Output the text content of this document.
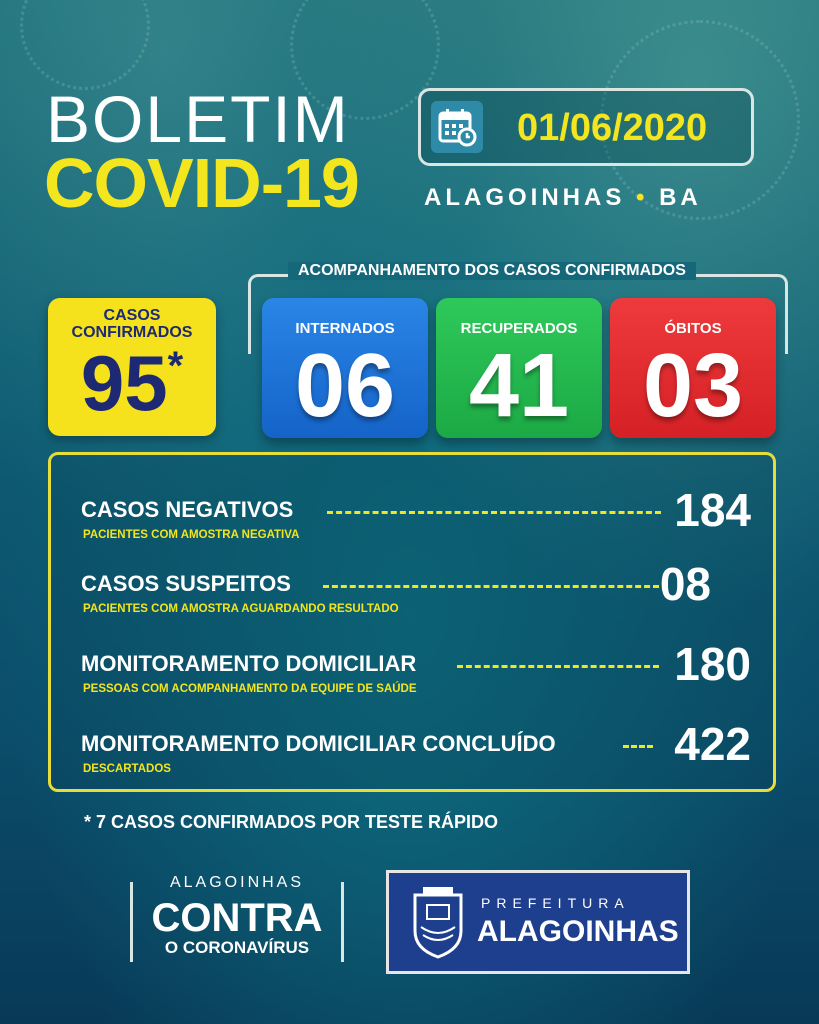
BOLETIM
COVID-19
01/06/2020
ALAGOINHAS • BA
ACOMPANHAMENTO DOS CASOS CONFIRMADOS
CASOS CONFIRMADOS
95*
INTERNADOS
06
RECUPERADOS
41
ÓBITOS
03
CASOS NEGATIVOS	184
PACIENTES COM AMOSTRA NEGATIVA
CASOS SUSPEITOS	08
PACIENTES COM AMOSTRA AGUARDANDO RESULTADO
MONITORAMENTO DOMICILIAR	180
PESSOAS COM ACOMPANHAMENTO DA EQUIPE DE SAÚDE
MONITORAMENTO DOMICILIAR CONCLUÍDO	422
DESCARTADOS
* 7 CASOS CONFIRMADOS POR TESTE RÁPIDO
ALAGOINHAS
CONTRA
O CORONAVÍRUS
PREFEITURA
ALAGOINHAS
